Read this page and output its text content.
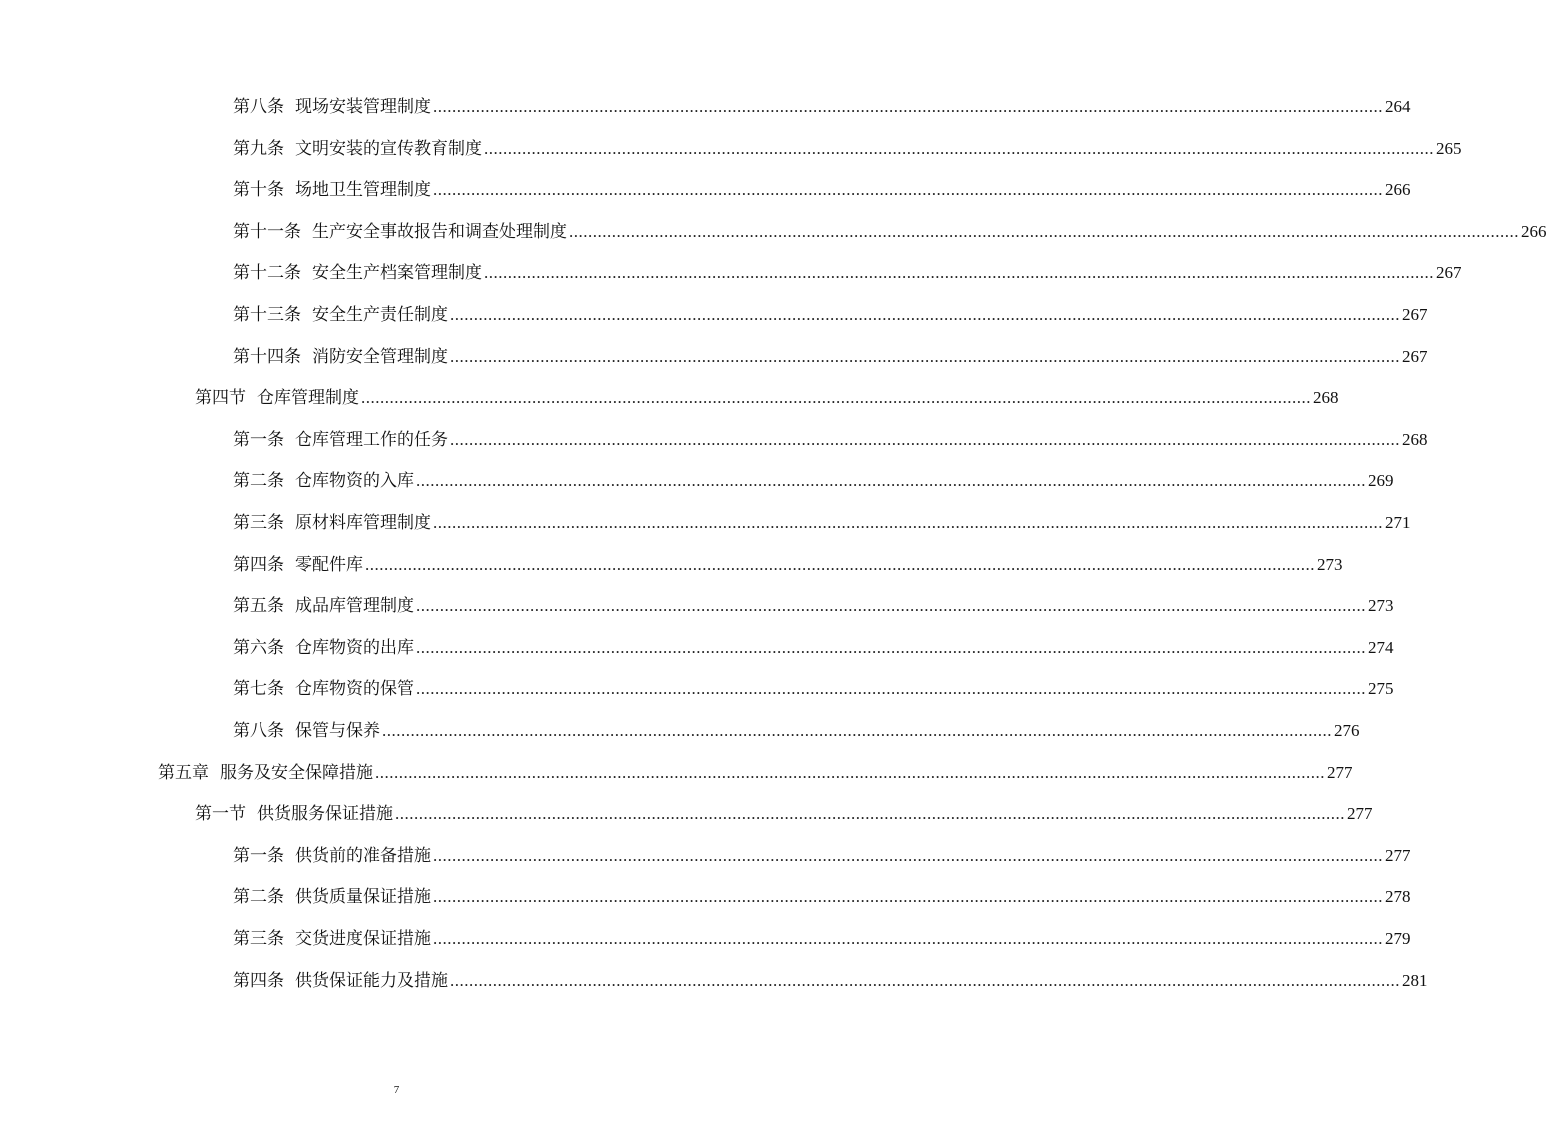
第八条 现场安装管理制度 ........................................................................................................................................................................................................ 264
第九条 文明安装的宣传教育制度 ........................................................................................................................................................................................................ 265
第十条 场地卫生管理制度 ........................................................................................................................................................................................................ 266
第十一条 生产安全事故报告和调查处理制度 ........................................................................................................................................................................................................ 266
第十二条 安全生产档案管理制度 ........................................................................................................................................................................................................ 267
第十三条 安全生产责任制度 ........................................................................................................................................................................................................ 267
第十四条 消防安全管理制度 ........................................................................................................................................................................................................ 267
第四节 仓库管理制度 ........................................................................................................................................................................................................ 268
第一条 仓库管理工作的任务 ........................................................................................................................................................................................................ 268
第二条 仓库物资的入库 ........................................................................................................................................................................................................ 269
第三条 原材料库管理制度 ........................................................................................................................................................................................................ 271
第四条 零配件库 ........................................................................................................................................................................................................ 273
第五条 成品库管理制度 ........................................................................................................................................................................................................ 273
第六条 仓库物资的出库 ........................................................................................................................................................................................................ 274
第七条 仓库物资的保管 ........................................................................................................................................................................................................ 275
第八条 保管与保养 ........................................................................................................................................................................................................ 276
第五章 服务及安全保障措施 ........................................................................................................................................................................................................ 277
第一节 供货服务保证措施 ........................................................................................................................................................................................................ 277
第一条 供货前的准备措施 ........................................................................................................................................................................................................ 277
第二条 供货质量保证措施 ........................................................................................................................................................................................................ 278
第三条 交货进度保证措施 ........................................................................................................................................................................................................ 279
第四条 供货保证能力及措施 ........................................................................................................................................................................................................ 281
7
